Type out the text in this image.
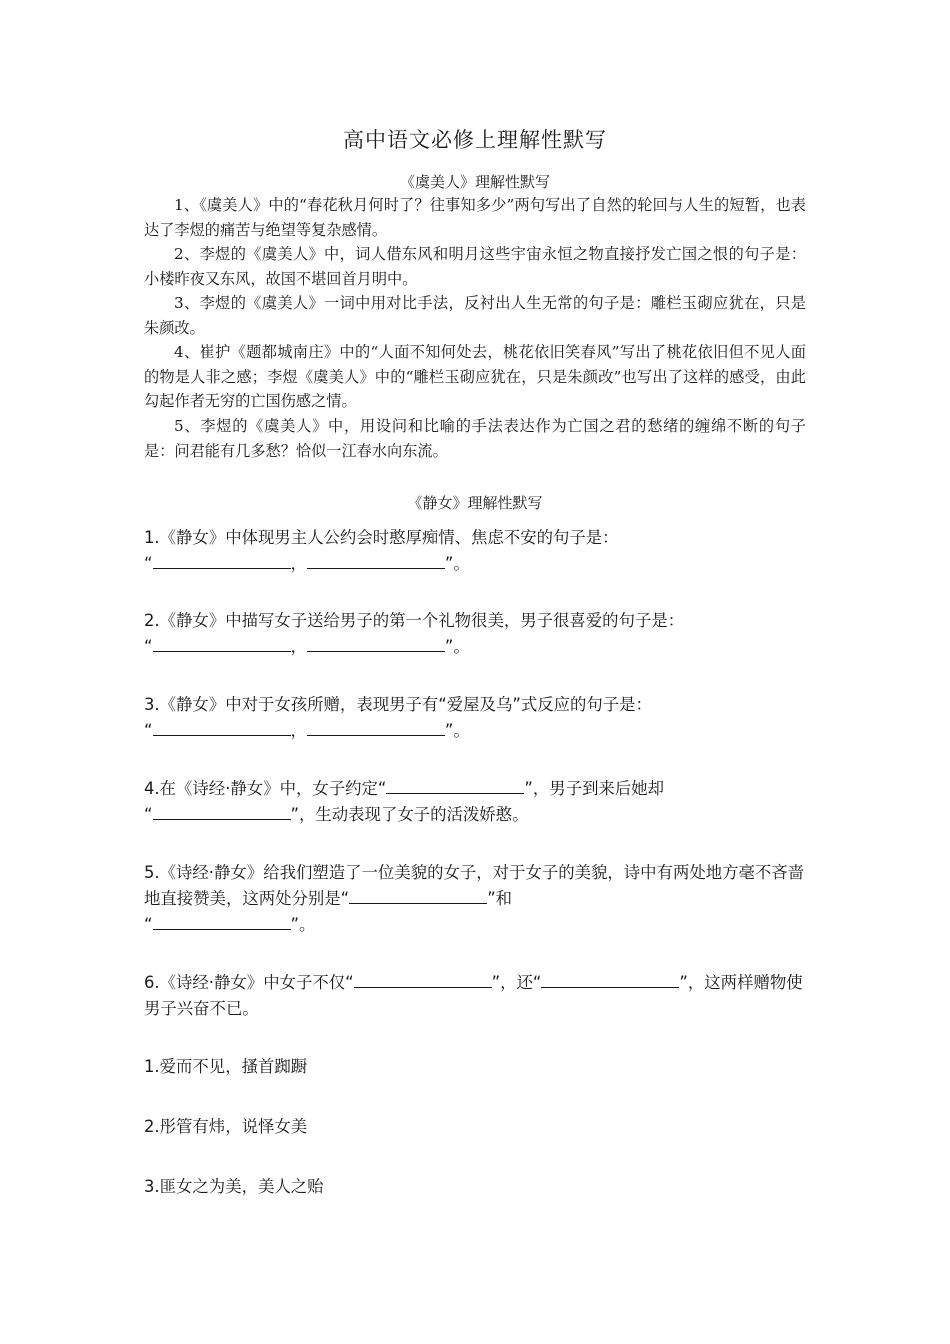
高中语文必修上理解性默写
《虞美人》理解性默写

1、《虞美人》中的“春花秋月何时了？往事知多少”两句写出了自然的轮回与人生的短暂，也表达了李煜的痛苦与绝望等复杂感情。

2、李煜的《虞美人》中，词人借东风和明月这些宇宙永恒之物直接抒发亡国之恨的句子是：小楼昨夜又东风，故国不堪回首月明中。

3、李煜的《虞美人》一词中用对比手法，反衬出人生无常的句子是：雕栏玉砌应犹在，只是朱颜改。

4、崔护《题都城南庄》中的“人面不知何处去，桃花依旧笑春风”写出了桃花依旧但不见人面的物是人非之感；李煜《虞美人》中的“雕栏玉砌应犹在，只是朱颜改”也写出了这样的感受，由此勾起作者无穷的亡国伤感之情。

5、李煜的《虞美人》中，用设问和比喻的手法表达作为亡国之君的愁绪的缠绵不断的句子是：问君能有几多愁？恰似一江春水向东流。

《静女》理解性默写
1.《静女》中体现男主人公约会时憨厚痴情、焦虑不安的句子是：
“	，	”。
2.《静女》中描写女子送给男子的第一个礼物很美，男子很喜爱的句子是：
“	，	”。
3.《静女》中对于女孩所赠，表现男子有“爱屋及乌”式反应的句子是：
“	，	”。
4.在《诗经·静女》中，女子约定“	”，男子到来后她却
“	”，生动表现了女子的活泼娇憨。
5.《诗经·静女》给我们塑造了一位美貌的女子，对于女子的美貌，诗中有两处地方毫不吝啬地直接赞美，这两处分别是“	”和
“	”。
6.《诗经·静女》中女子不仅“	”，还“	”，这两样赠物使男子兴奋不已。
1.爱而不见，搔首踟蹰
2.彤管有炜，说怿女美
3.匪女之为美，美人之贻
